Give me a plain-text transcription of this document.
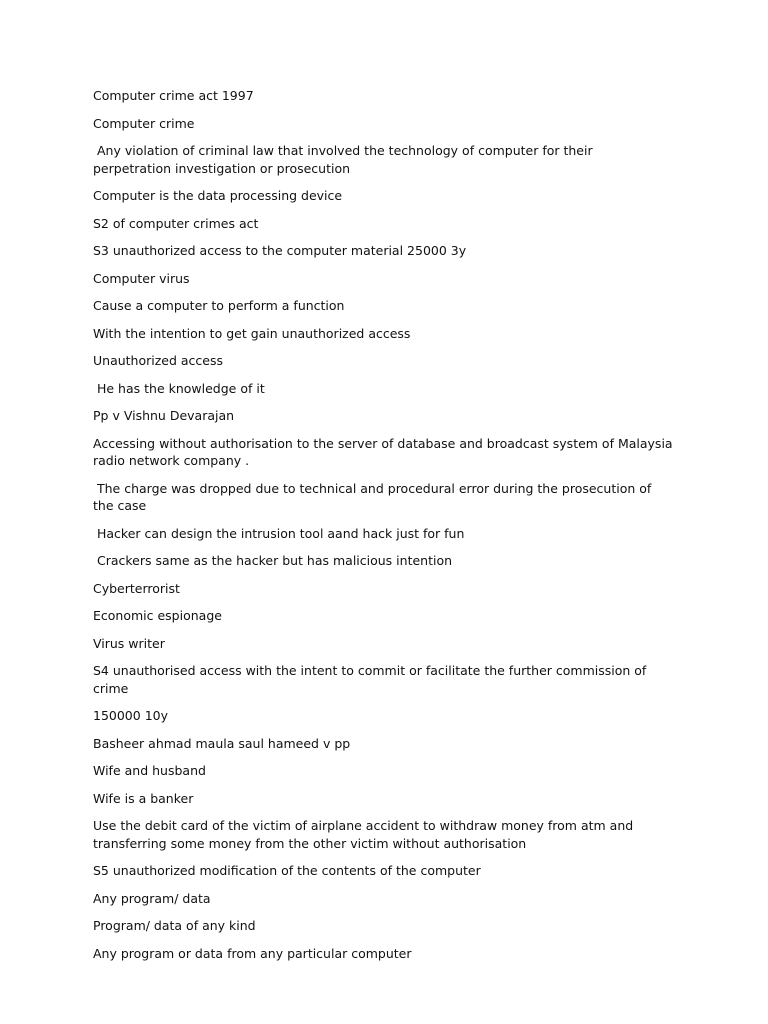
Computer crime act 1997

Computer crime

Any violation of criminal law that involved the technology of computer for their perpetration investigation or prosecution

Computer is the data processing device

S2 of computer crimes act

S3 unauthorized access to the computer material 25000 3y

Computer virus

Cause a computer to perform a function

With the intention to get gain unauthorized access

Unauthorized access

He has the knowledge of it

Pp v Vishnu Devarajan

Accessing without authorisation to the server of database and broadcast system of Malaysia radio network company .

The charge was dropped due to technical and procedural error during the prosecution of the case

Hacker can design the intrusion tool aand hack just for fun

Crackers same as the hacker but has malicious intention

Cyberterrorist

Economic espionage

Virus writer

S4 unauthorised access with the intent to commit or facilitate the further commission of crime

150000 10y

Basheer ahmad maula saul hameed v pp

Wife and husband

Wife is a banker

Use the debit card of the victim of airplane accident to withdraw money from atm and transferring some money from the other victim without authorisation

S5 unauthorized modification of the contents of the computer

Any program/ data

Program/ data of any kind

Any program or data from any particular computer
